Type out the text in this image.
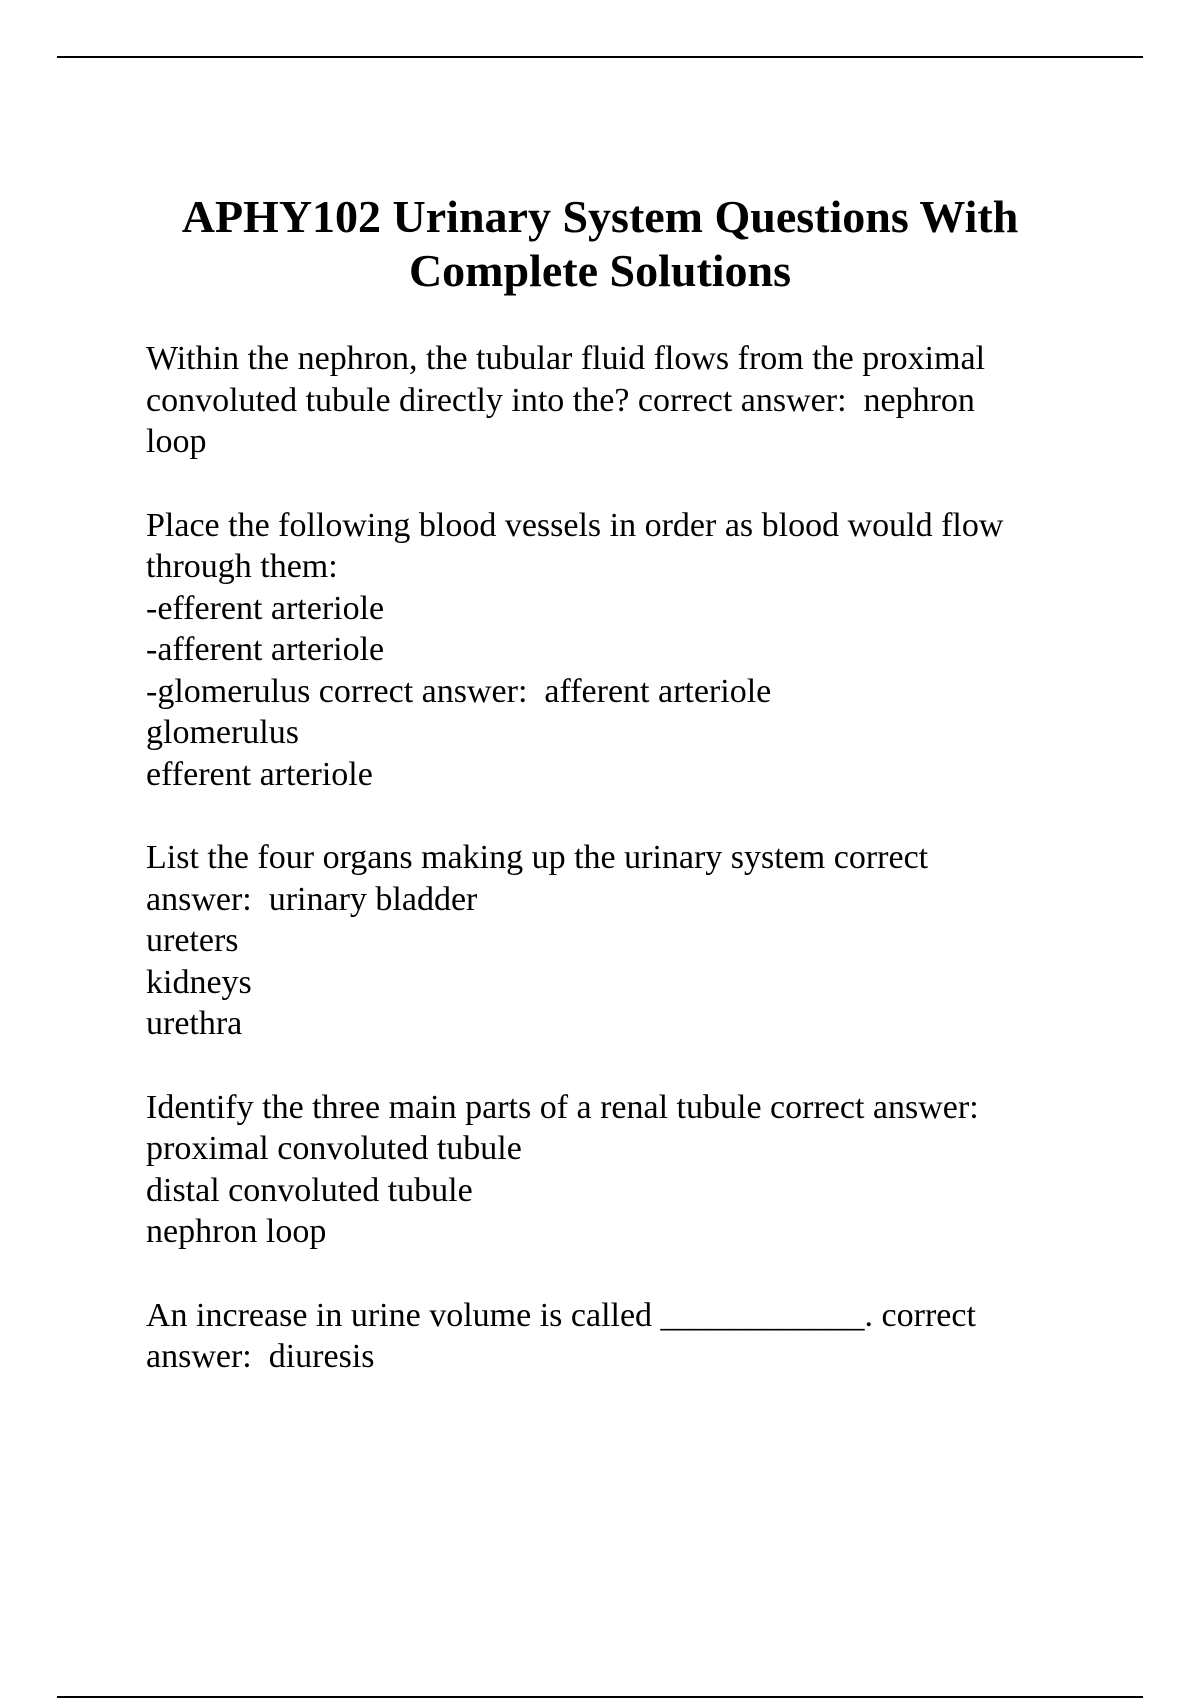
APHY102 Urinary System Questions With
Complete Solutions
Within the nephron, the tubular fluid flows from the proximal
convoluted tubule directly into the? correct answer:  nephron
loop
Place the following blood vessels in order as blood would flow
through them:
-efferent arteriole
-afferent arteriole
-glomerulus correct answer:  afferent arteriole
glomerulus
efferent arteriole
List the four organs making up the urinary system correct
answer:  urinary bladder
ureters
kidneys
urethra
Identify the three main parts of a renal tubule correct answer:
proximal convoluted tubule
distal convoluted tubule
nephron loop
An increase in urine volume is called ____________. correct
answer:  diuresis
